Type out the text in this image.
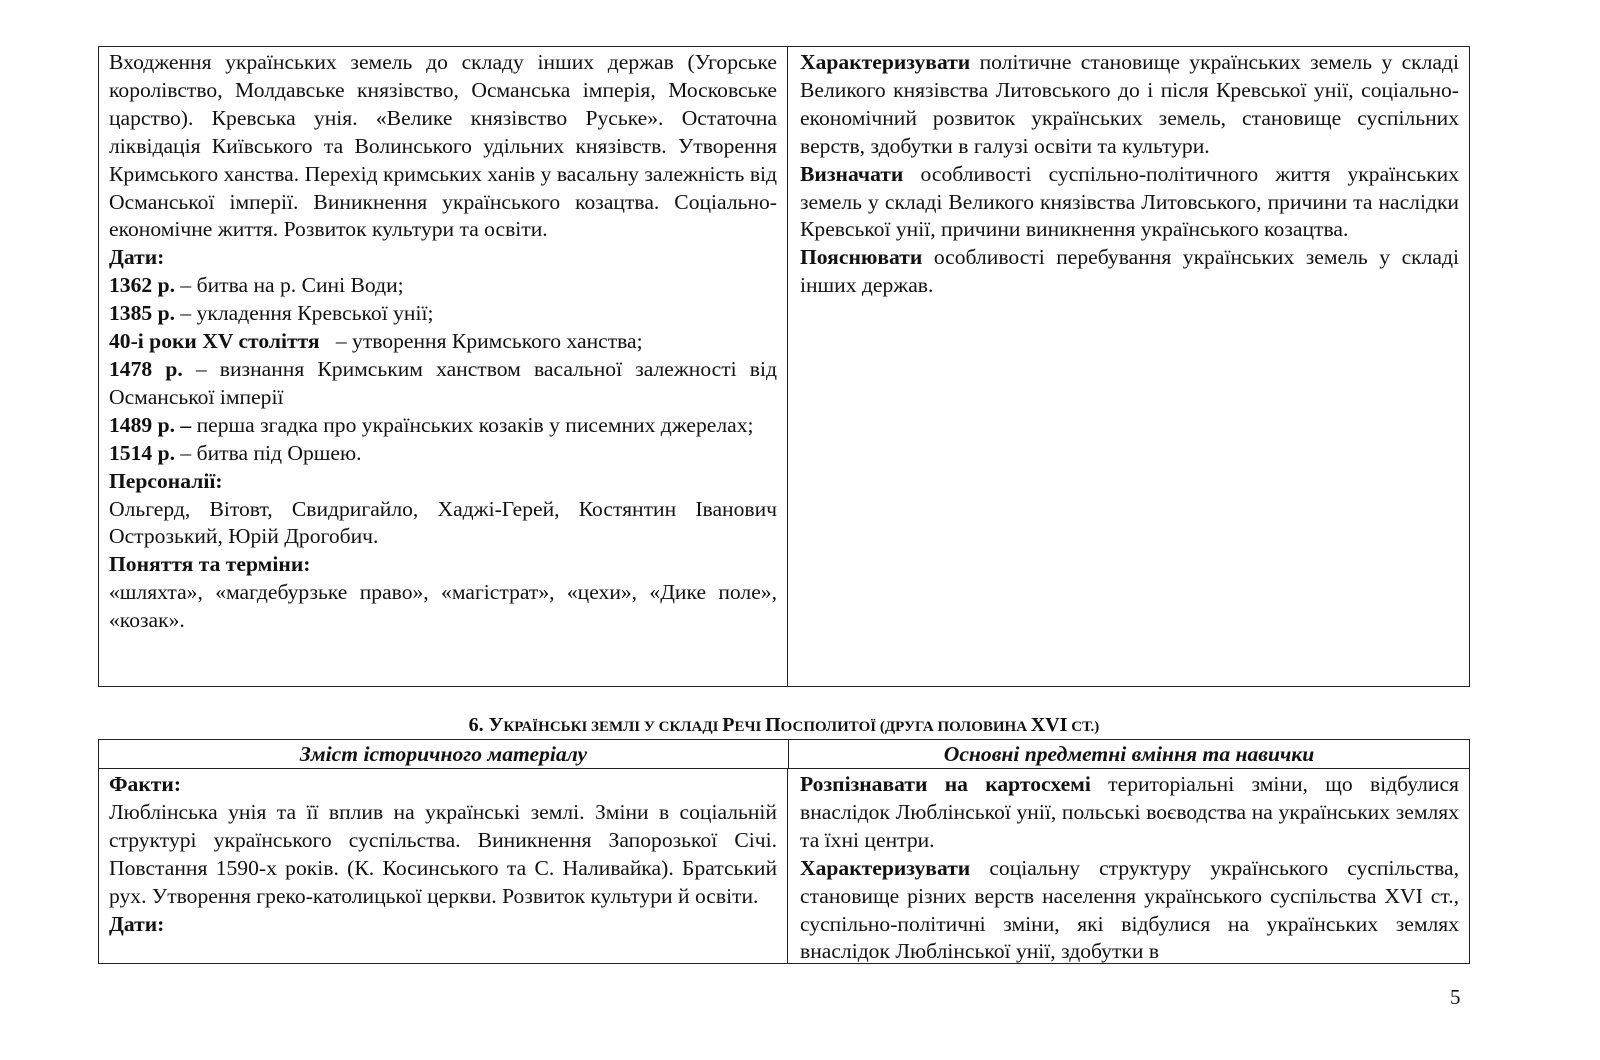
Входження українських земель до складу інших держав (Угорське королівство, Молдавське князівство, Османська імперія, Московське царство). Кревська унія. «Велике князівство Руське». Остаточна ліквідація Київського та Волинського удільних князівств. Утворення Кримського ханства. Перехід кримських ханів у васальну залежність від Османської імперії. Виникнення українського козацтва. Соціально-економічне життя. Розвиток культури та освіти.

Дати:

1362 р. – битва на р. Сині Води;

1385 р. – укладення Кревської унії;

40-і роки XV століття   – утворення Кримського ханства;

1478 р. – визнання Кримським ханством васальної залежності від Османської імперії

1489 р. – перша згадка про українських козаків у писемних джерелах;

1514 р. – битва під Оршею.

Персоналії:

Ольгерд, Вітовт, Свидригайло, Хаджі-Герей, Костянтин Іванович Острозький, Юрій Дрогобич.

Поняття та терміни:

«шляхта», «магдебурзьке право», «магістрат», «цехи», «Дике поле», «козак».

Характеризувати політичне становище українських земель у складі Великого князівства Литовського до і після Кревської унії, соціально-економічний розвиток українських земель, становище суспільних верств, здобутки в галузі освіти та культури.

Визначати особливості суспільно-політичного життя українських земель у складі Великого князівства Литовського, причини та наслідки Кревської унії, причини виникнення українського козацтва.

Пояснювати особливості перебування українських земель у складі інших держав.

6. УКРАЇНСЬКІ ЗЕМЛІ У СКЛАДІ РЕЧІ ПОСПОЛИТОЇ (ДРУГА ПОЛОВИНА XVI СТ.)
Зміст історичного матеріалу	Основні предметні вміння та навички

Факти:

Люблінська унія та її вплив на українські землі. Зміни в соціальній структурі українського суспільства. Виникнення Запорозької Січі. Повстання 1590-х років. (К. Косинського та С. Наливайка). Братський рух. Утворення греко-католицької церкви. Розвиток культури й освіти.

Дати:

Розпізнавати на картосхемі територіальні зміни, що відбулися внаслідок Люблінської унії, польські воєводства на українських землях та їхні центри.

Характеризувати соціальну структуру українського суспільства, становище різних верств населення українського суспільства XVI ст., суспільно-політичні зміни, які відбулися на українських землях внаслідок Люблінської унії, здобутки в

5
